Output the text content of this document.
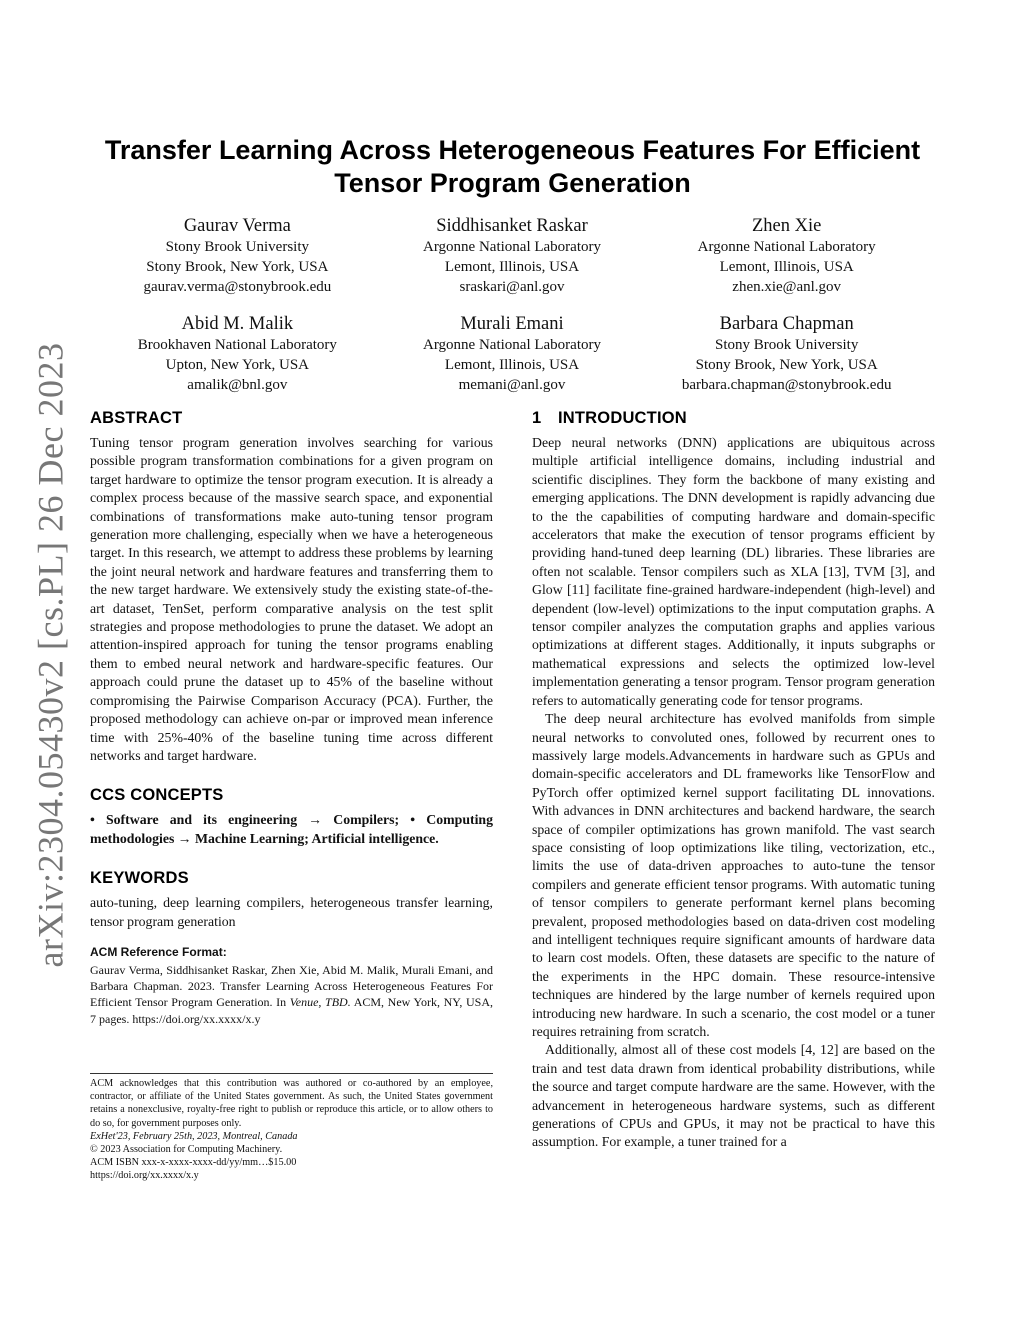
arXiv:2304.05430v2 [cs.PL] 26 Dec 2023
Transfer Learning Across Heterogeneous Features For Efficient
Tensor Program Generation
Gaurav Verma
Stony Brook University
Stony Brook, New York, USA
gaurav.verma@stonybrook.edu
Siddhisanket Raskar
Argonne National Laboratory
Lemont, Illinois, USA
sraskari@anl.gov
Zhen Xie
Argonne National Laboratory
Lemont, Illinois, USA
zhen.xie@anl.gov
Abid M. Malik
Brookhaven National Laboratory
Upton, New York, USA
amalik@bnl.gov
Murali Emani
Argonne National Laboratory
Lemont, Illinois, USA
memani@anl.gov
Barbara Chapman
Stony Brook University
Stony Brook, New York, USA
barbara.chapman@stonybrook.edu
ABSTRACT

Tuning tensor program generation involves searching for various possible program transformation combinations for a given program on target hardware to optimize the tensor program execution. It is already a complex process because of the massive search space, and exponential combinations of transformations make auto-tuning tensor program generation more challenging, especially when we have a heterogeneous target. In this research, we attempt to address these problems by learning the joint neural network and hardware features and transferring them to the new target hardware. We extensively study the existing state-of-the-art dataset, TenSet, perform comparative analysis on the test split strategies and propose methodologies to prune the dataset. We adopt an attention-inspired approach for tuning the tensor programs enabling them to embed neural network and hardware-specific features. Our approach could prune the dataset up to 45% of the baseline without compromising the Pairwise Comparison Accuracy (PCA). Further, the proposed methodology can achieve on-par or improved mean inference time with 25%-40% of the baseline tuning time across different networks and target hardware.

CCS CONCEPTS

• Software and its engineering → Compilers; • Computing methodologies → Machine Learning; Artificial intelligence.

KEYWORDS

auto-tuning, deep learning compilers, heterogeneous transfer learning, tensor program generation

ACM Reference Format:

Gaurav Verma, Siddhisanket Raskar, Zhen Xie, Abid M. Malik, Murali Emani, and Barbara Chapman. 2023. Transfer Learning Across Heterogeneous Features For Efficient Tensor Program Generation. In Venue, TBD. ACM, New York, NY, USA, 7 pages. https://doi.org/xx.xxxx/x.y

ACM acknowledges that this contribution was authored or co-authored by an employee, contractor, or affiliate of the United States government. As such, the United States government retains a nonexclusive, royalty-free right to publish or reproduce this article, or to allow others to do so, for government purposes only.

ExHet'23, February 25th, 2023, Montreal, Canada

© 2023 Association for Computing Machinery.

ACM ISBN xxx-x-xxxx-xxxx-dd/yy/mm…$15.00

https://doi.org/xx.xxxx/x.y

1 INTRODUCTION

Deep neural networks (DNN) applications are ubiquitous across multiple artificial intelligence domains, including industrial and scientific disciplines. They form the backbone of many existing and emerging applications. The DNN development is rapidly advancing due to the the capabilities of computing hardware and domain-specific accelerators that make the execution of tensor programs efficient by providing hand-tuned deep learning (DL) libraries. These libraries are often not scalable. Tensor compilers such as XLA [13], TVM [3], and Glow [11] facilitate fine-grained hardware-independent (high-level) and dependent (low-level) optimizations to the input computation graphs. A tensor compiler analyzes the computation graphs and applies various optimizations at different stages. Additionally, it inputs subgraphs or mathematical expressions and selects the optimized low-level implementation generating a tensor program. Tensor program generation refers to automatically generating code for tensor programs.

The deep neural architecture has evolved manifolds from simple neural networks to convoluted ones, followed by recurrent ones to massively large models.Advancements in hardware such as GPUs and domain-specific accelerators and DL frameworks like TensorFlow and PyTorch offer optimized kernel support facilitating DL innovations. With advances in DNN architectures and backend hardware, the search space of compiler optimizations has grown manifold. The vast search space consisting of loop optimizations like tiling, vectorization, etc., limits the use of data-driven approaches to auto-tune the tensor compilers and generate efficient tensor programs. With automatic tuning of tensor compilers to generate performant kernel plans becoming prevalent, proposed methodologies based on data-driven cost modeling and intelligent techniques require significant amounts of hardware data to learn cost models. Often, these datasets are specific to the nature of the experiments in the HPC domain. These resource-intensive techniques are hindered by the large number of kernels required upon introducing new hardware. In such a scenario, the cost model or a tuner requires retraining from scratch.

Additionally, almost all of these cost models [4, 12] are based on the train and test data drawn from identical probability distributions, while the source and target compute hardware are the same. However, with the advancement in heterogeneous hardware systems, such as different generations of CPUs and GPUs, it may not be practical to have this assumption. For example, a tuner trained for a
